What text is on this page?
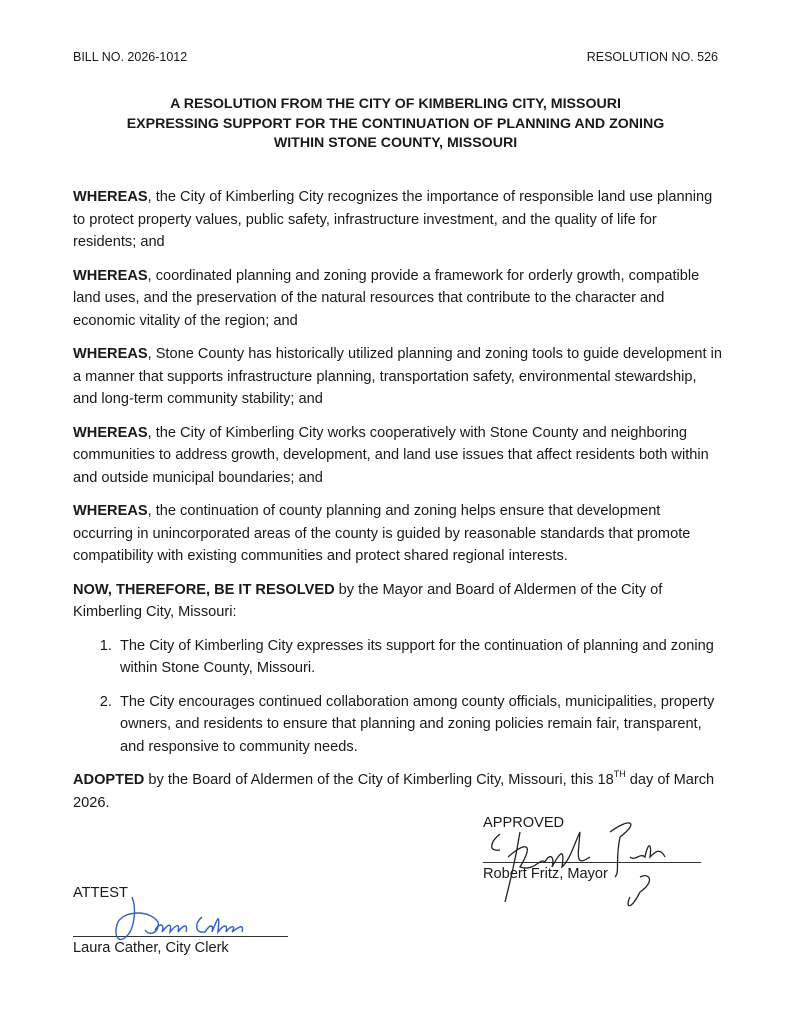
BILL NO. 2026-1012	RESOLUTION NO. 526
A RESOLUTION FROM THE CITY OF KIMBERLING CITY, MISSOURI
EXPRESSING SUPPORT FOR THE CONTINUATION OF PLANNING AND ZONING
WITHIN STONE COUNTY, MISSOURI

WHEREAS, the City of Kimberling City recognizes the importance of responsible land use planning to protect property values, public safety, infrastructure investment, and the quality of life for residents; and

WHEREAS, coordinated planning and zoning provide a framework for orderly growth, compatible land uses, and the preservation of the natural resources that contribute to the character and economic vitality of the region; and

WHEREAS, Stone County has historically utilized planning and zoning tools to guide development in a manner that supports infrastructure planning, transportation safety, environmental stewardship, and long-term community stability; and

WHEREAS, the City of Kimberling City works cooperatively with Stone County and neighboring communities to address growth, development, and land use issues that affect residents both within and outside municipal boundaries; and

WHEREAS, the continuation of county planning and zoning helps ensure that development occurring in unincorporated areas of the county is guided by reasonable standards that promote compatibility with existing communities and protect shared regional interests.

NOW, THEREFORE, BE IT RESOLVED by the Mayor and Board of Aldermen of the City of Kimberling City, Missouri:

1. The City of Kimberling City expresses its support for the continuation of planning and zoning within Stone County, Missouri.
2. The City encourages continued collaboration among county officials, municipalities, property owners, and residents to ensure that planning and zoning policies remain fair, transparent, and responsive to community needs.

ADOPTED by the Board of Aldermen of the City of Kimberling City, Missouri, this 18TH day of March 2026.

APPROVED
Robert Fritz, Mayor
ATTEST
Laura Cather, City Clerk
